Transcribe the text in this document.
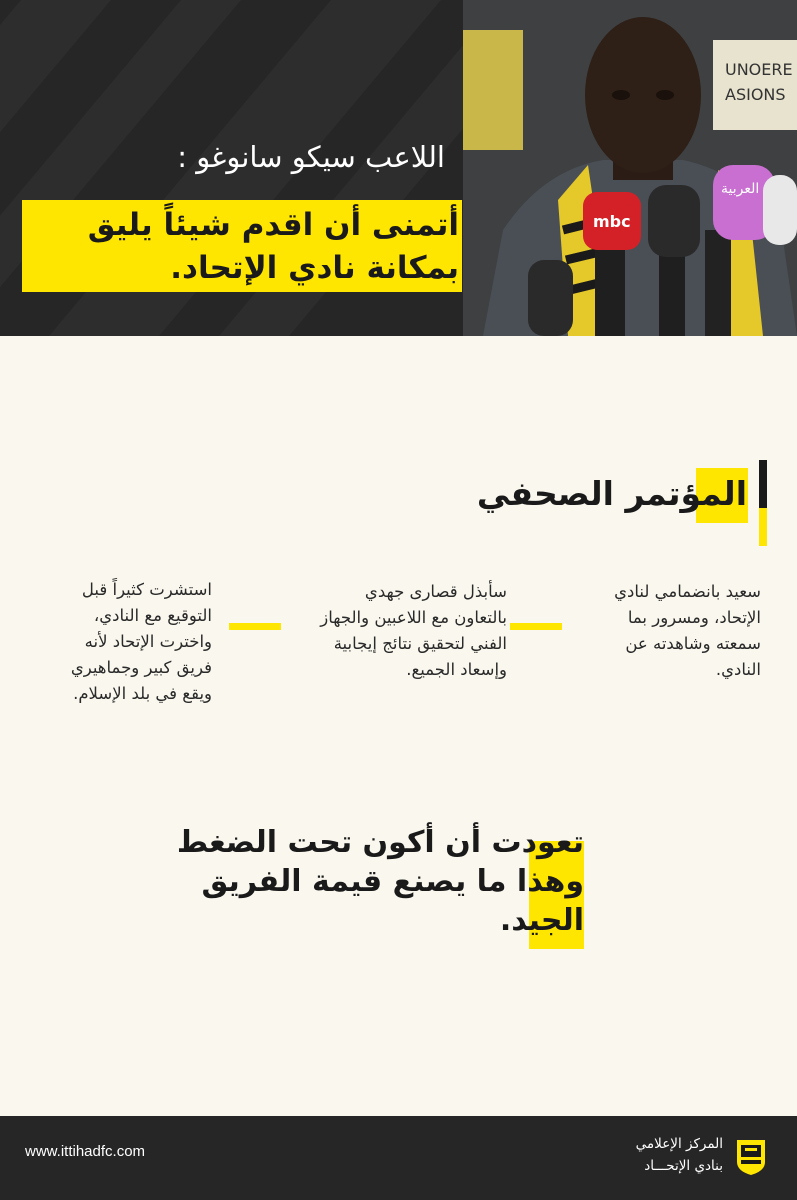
UNOERE
ASIONS
mbc
العربية
اللاعب سيكو سانوغو :
أتمنى أن اقدم شيئاً يليق
بمكانة نادي الإتحاد.
المؤتمر الصحفي
سعيد بانضمامي لنادي
الإتحاد، ومسرور بما
سمعته وشاهدته عن
النادي.
سأبذل قصارى جهدي
بالتعاون مع اللاعبين والجهاز
الفني لتحقيق نتائج إيجابية
وإسعاد الجميع.
استشرت كثيراً قبل
التوقيع مع النادي،
واخترت الإتحاد لأنه
فريق كبير وجماهيري
ويقع في بلد الإسلام.
تعودت أن أكون تحت الضغط
وهذا ما يصنع قيمة الفريق
الجيد.
www.ittihadfc.com	المركز الإعلامي
بنادي الإتحـــاد
